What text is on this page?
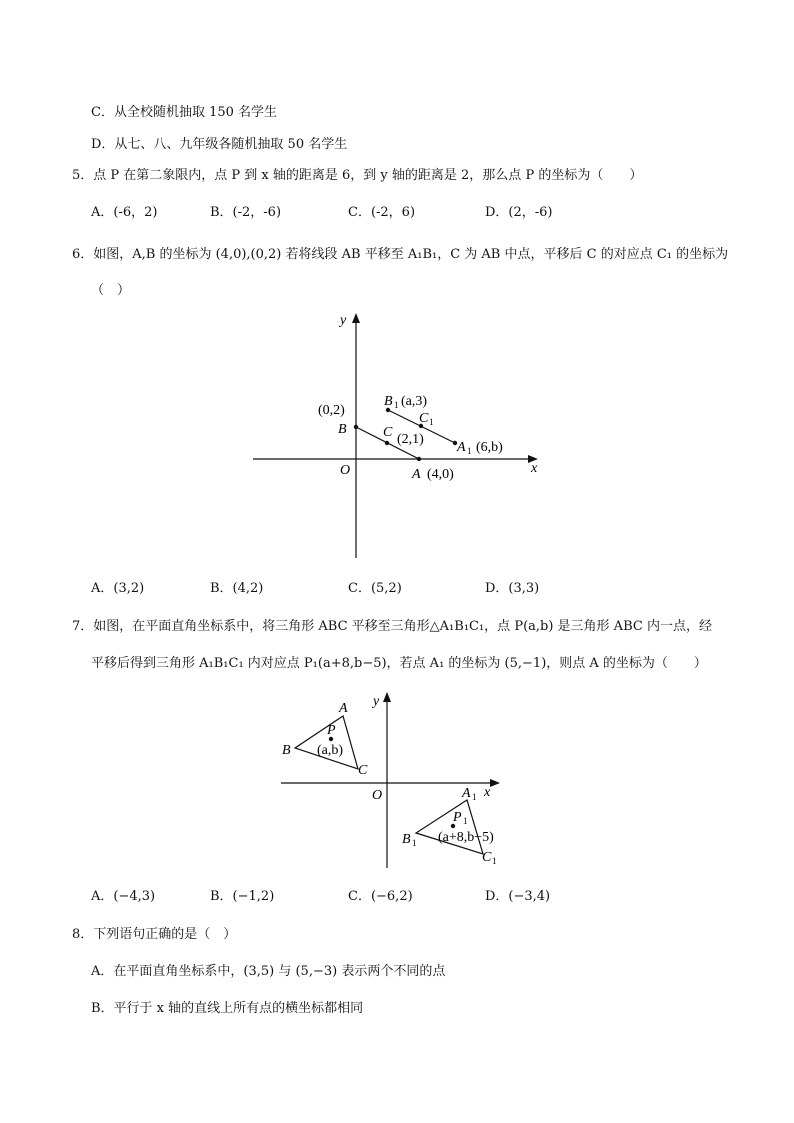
C．从全校随机抽取 150 名学生
D．从七、八、九年级各随机抽取 50 名学生
5．点 P 在第二象限内，点 P 到 x 轴的距离是 6，到 y 轴的距离是 2，那么点 P 的坐标为（　　）
A．(-6，2)	B．(-2，-6)	C．(-2，6)	D．(2，-6)
6．如图，A,B 的坐标为 (4,0),(0,2) 若将线段 AB 平移至 A₁B₁，C 为 AB 中点，平移后 C 的对应点 C₁ 的坐标为
（　）
x
y
O
(0,2)
B	C (2,1)
A (4,0)
B 1 (a,3)
C 1
A 1 (6,b)
A．(3,2)	B．(4,2)	C．(5,2)	D．(3,3)
7．如图，在平面直角坐标系中，将三角形 ABC 平移至三角形△A₁B₁C₁，点 P(a,b) 是三角形 ABC 内一点，经
平移后得到三角形 A₁B₁C₁ 内对应点 P₁(a+8,b−5)，若点 A₁ 的坐标为 (5,−1)，则点 A 的坐标为（　　）
x
y
O
A
B
C
P
(a,b)
A 1
B 1
C 1
P 1
(a+8,b−5)
A．(−4,3)	B．(−1,2)	C．(−6,2)	D．(−3,4)
8．下列语句正确的是（　）
A．在平面直角坐标系中，(3,5) 与 (5,−3) 表示两个不同的点
B．平行于 x 轴的直线上所有点的横坐标都相同
